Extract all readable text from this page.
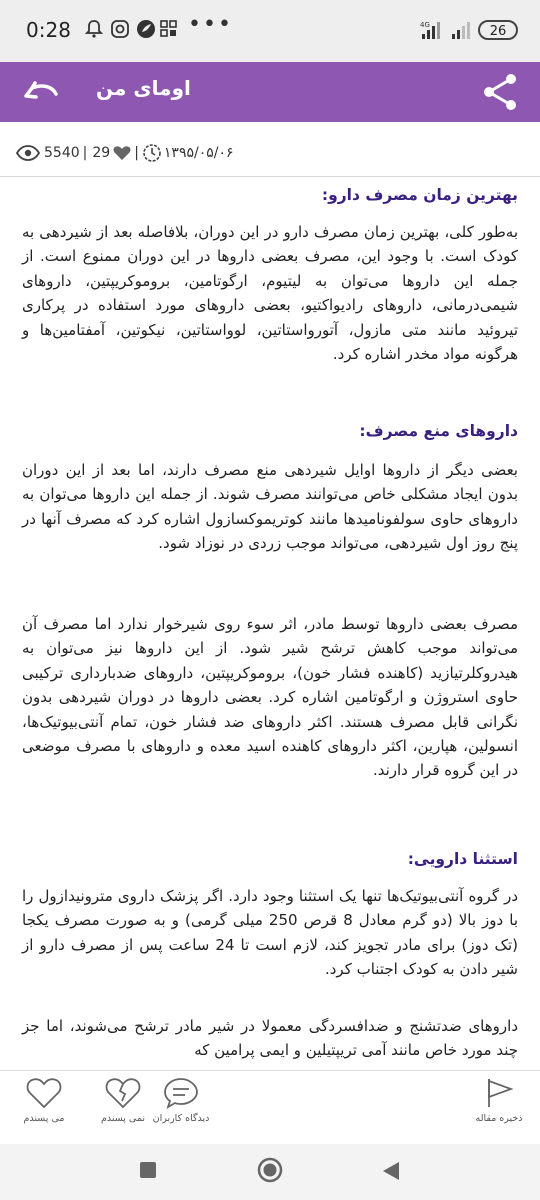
0:28	•••	4G	26
اومای من
5540 | 29 | ۱۳۹۵/۰۵/۰۶
بهترین زمان مصرف دارو:

به‌طور کلی، بهترین زمان مصرف دارو در این دوران، بلافاصله بعد از شیردهی به کودک است. با وجود این، مصرف بعضی داروها در این دوران ممنوع است. از جمله این داروها می‌توان به لیتیوم، ارگوتامین، بروموکریپتین، داروهای شیمی‌درمانی، داروهای رادیواکتیو، بعضی داروهای مورد استفاده در پرکاری تیروئید مانند متی مازول، آتورواستاتین، لوواستاتین، نیکوتین، آمفتامین‌ها و هرگونه مواد مخدر اشاره کرد.

داروهای منع مصرف:

بعضی دیگر از داروها اوایل شیردهی منع مصرف دارند، اما بعد از این دوران بدون ایجاد مشکلی خاص می‌توانند مصرف شوند. از جمله این داروها می‌توان به داروهای حاوی سولفونامیدها مانند کوتریموکسازول اشاره کرد که مصرف آنها در پنج روز اول شیردهی، می‌تواند موجب زردی در نوزاد شود.

مصرف بعضی داروها توسط مادر، اثر سوء روی شیرخوار ندارد اما مصرف آن می‌تواند موجب کاهش ترشح شیر شود. از این داروها نیز می‌توان به هیدروکلرتیازید (کاهنده فشار خون)، بروموکریپتین، داروهای ضدبارداری ترکیبی حاوی استروژن و ارگوتامین اشاره کرد. بعضی داروها در دوران شیردهی بدون نگرانی قابل مصرف هستند. اکثر داروهای ضد فشار خون، تمام آنتی‌بیوتیک‌ها، انسولین، هپارین، اکثر داروهای کاهنده اسید معده و داروهای با مصرف موضعی در این گروه قرار دارند.

استثنا دارویی:

در گروه آنتی‌بیوتیک‌ها تنها یک استثنا وجود دارد. اگر پزشک داروی مترونیدازول را با دوز بالا (دو گرم معادل 8 قرص 250 میلی گرمی) و به صورت مصرف یکجا (تک دوز) برای مادر تجویز کند، لازم است تا 24 ساعت پس از مصرف دارو از شیر دادن به کودک اجتناب کرد.

داروهای ضدتشنج و ضدافسردگی معمولا در شیر مادر ترشح می‌شوند، اما جز چند مورد خاص مانند آمی تریپتیلین و ایمی پرامین که

می پسندم	نمی پسندم دیدگاه کاربران	ذخیره مقاله
